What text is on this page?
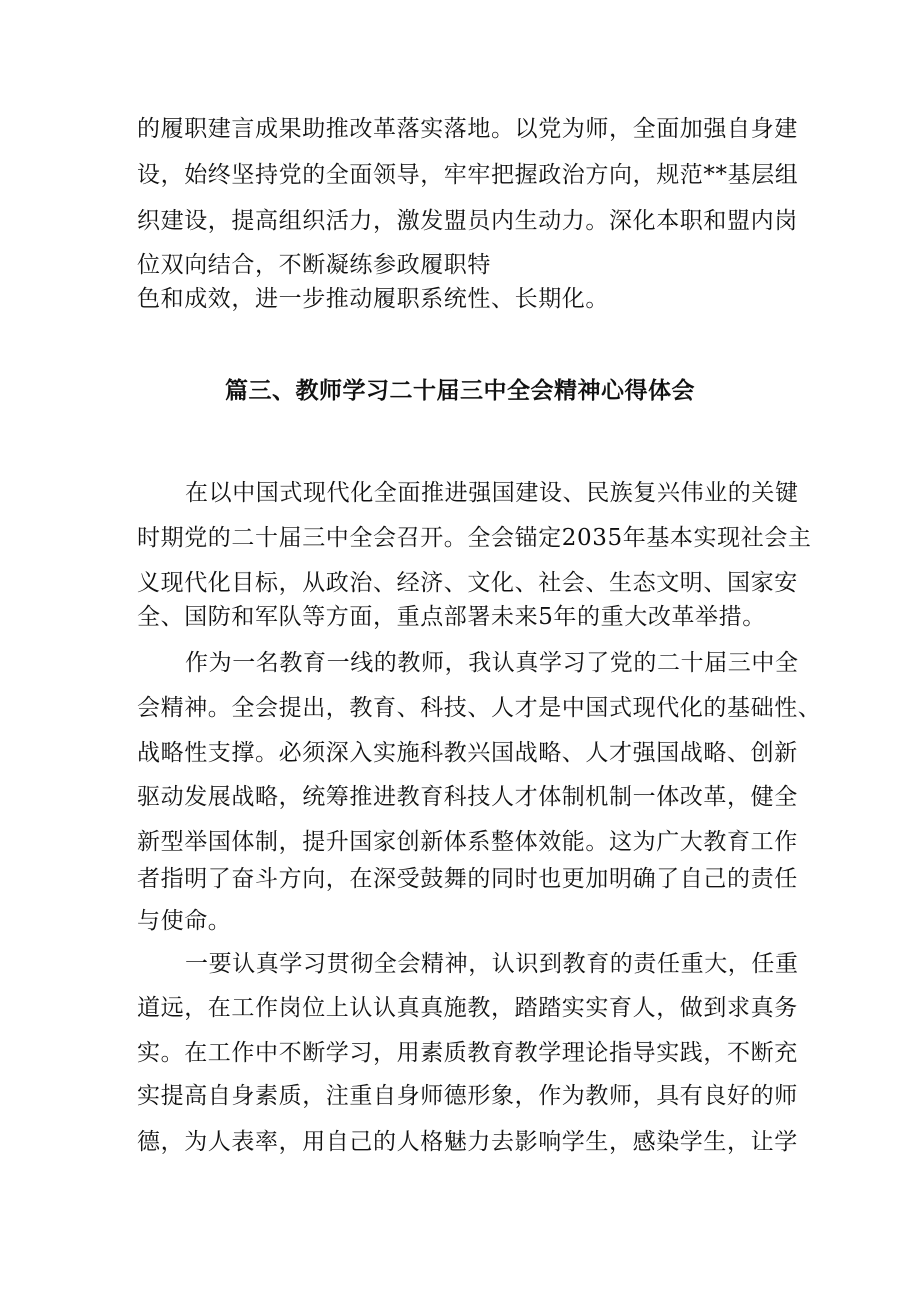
的履职建言成果助推改革落实落地。以党为师，全面加强自身建
设，始终坚持党的全面领导，牢牢把握政治方向，规范**基层组
织建设，提高组织活力，激发盟员内生动力。深化本职和盟内岗
位双向结合，不断凝练参政履职特
色和成效，进一步推动履职系统性、长期化。
篇三、教师学习二十届三中全会精神心得体会
在以中国式现代化全面推进强国建设、民族复兴伟业的关键
时期党的二十届三中全会召开。全会锚定2035年基本实现社会主
义现代化目标，从政治、经济、文化、社会、生态文明、国家安
全、国防和军队等方面，重点部署未来5年的重大改革举措。
作为一名教育一线的教师，我认真学习了党的二十届三中全
会精神。全会提出，教育、科技、人才是中国式现代化的基础性、
战略性支撑。必须深入实施科教兴国战略、人才强国战略、创新
驱动发展战略，统筹推进教育科技人才体制机制一体改革，健全
新型举国体制，提升国家创新体系整体效能。这为广大教育工作
者指明了奋斗方向，在深受鼓舞的同时也更加明确了自己的责任
与使命。
一要认真学习贯彻全会精神，认识到教育的责任重大，任重
道远，在工作岗位上认认真真施教，踏踏实实育人，做到求真务
实。在工作中不断学习，用素质教育教学理论指导实践，不断充
实提高自身素质，注重自身师德形象，作为教师，具有良好的师
德，为人表率，用自己的人格魅力去影响学生，感染学生，让学
